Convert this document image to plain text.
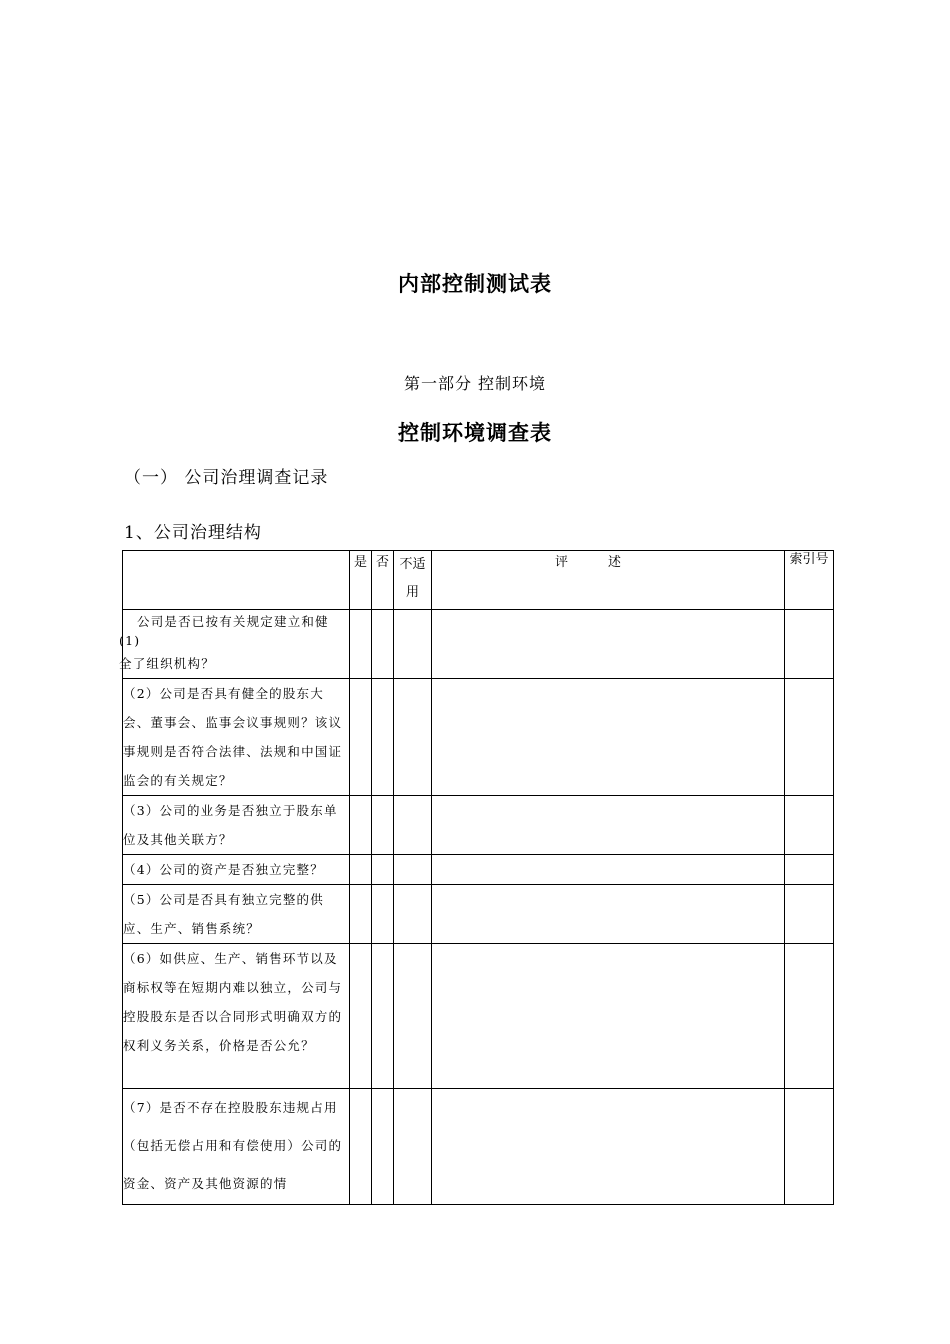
内部控制测试表
第一部分 控制环境
控制环境调查表
（一） 公司治理调查记录
1、公司治理结构
	是	否	不适用	评述	索引号

公司是否已按有关规定建立和健
(1)
全了组织机构？					

（2）公司是否具有健全的股东大会、董事会、监事会议事规则？该议事规则是否符合法律、法规和中国证监会的有关规定？					
（3）公司的业务是否独立于股东单位及其他关联方？					
（4）公司的资产是否独立完整？					
（5）公司是否具有独立完整的供应、生产、销售系统？					
（6）如供应、生产、销售环节以及商标权等在短期内难以独立，公司与控股股东是否以合同形式明确双方的权利义务关系，价格是否公允？					
（7）是否不存在控股股东违规占用（包括无偿占用和有偿使用）公司的资金、资产及其他资源的情					
